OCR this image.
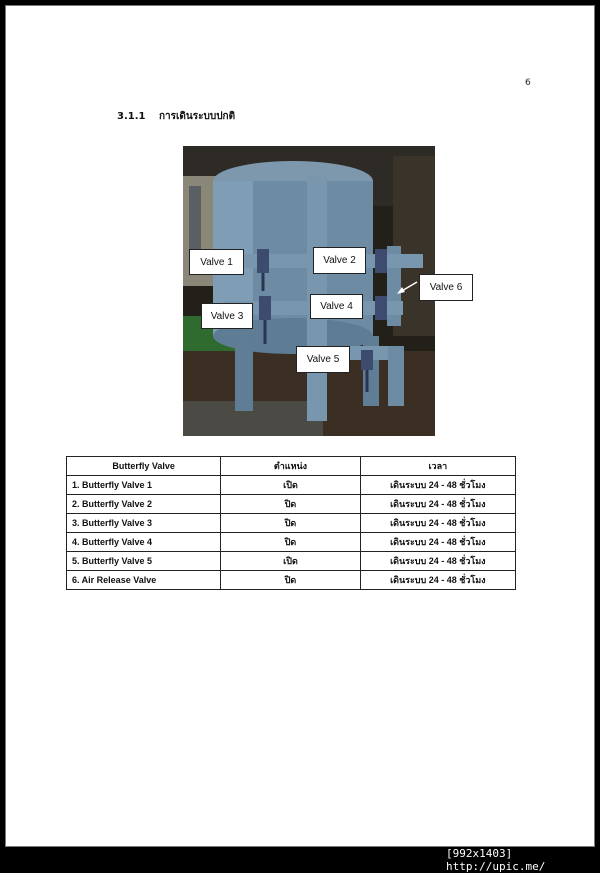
6
3.1.1 การเดินระบบปกติ
Valve 1	Valve 2
Valve 3
Valve 4
Valve 5
Valve 6
Butterfly Valve	ตำแหน่ง	เวลา
1. Butterfly Valve 1	เปิด	เดินระบบ 24 - 48 ชั่วโมง
2. Butterfly Valve 2	ปิด	เดินระบบ 24 - 48 ชั่วโมง
3. Butterfly Valve 3	ปิด	เดินระบบ 24 - 48 ชั่วโมง
4. Butterfly Valve 4	ปิด	เดินระบบ 24 - 48 ชั่วโมง
5. Butterfly Valve 5	เปิด	เดินระบบ 24 - 48 ชั่วโมง
6. Air Release Valve	ปิด	เดินระบบ 24 - 48 ชั่วโมง
[992x1403] http://upic.me/
